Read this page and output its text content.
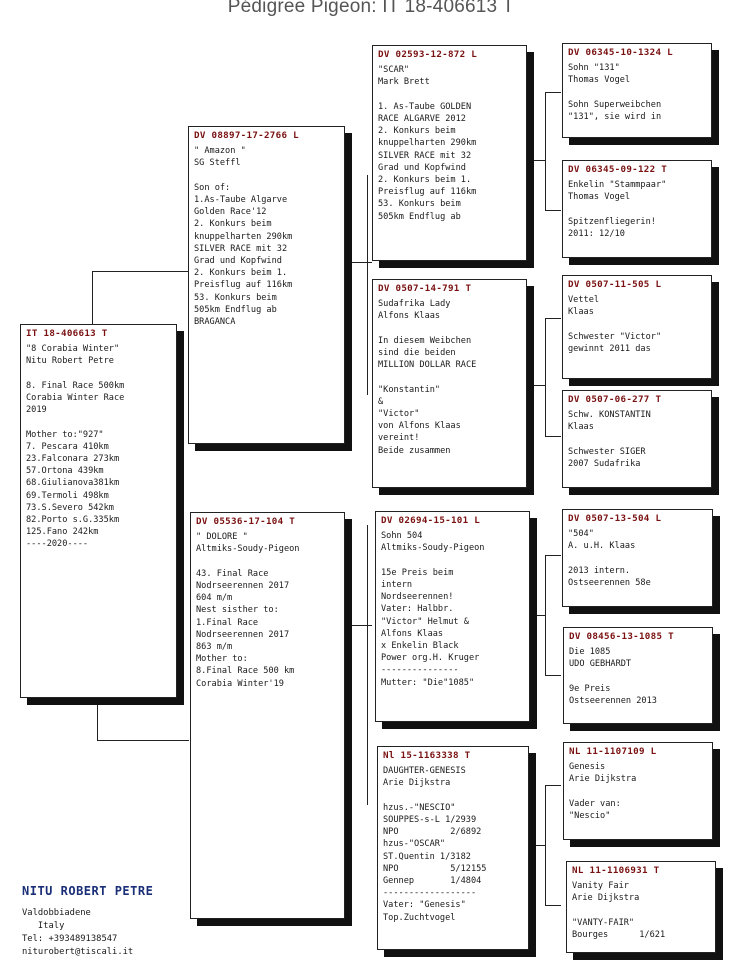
Pédigree Pigeon: IT 18-406613 T
IT 18-406613 T
"8 Corabia Winter"
Nitu Robert Petre
8. Final Race 500km
Corabia Winter Race
2019
Mother to:"927"
7. Pescara 410km
23.Falconara 273km
57.Ortona 439km
68.Giulianova381km
69.Termoli 498km
73.S.Severo 542km
82.Porto s.G.335km
125.Fano 242km
----2020----
DV 08897-17-2766 L
" Amazon "
SG Steffl
Son of:
1.As-Taube Algarve
Golden Race'12
2. Konkurs beim
knuppelharten 290km
SILVER RACE mit 32
Grad und Kopfwind
2. Konkurs beim 1.
Preisflug auf 116km
53. Konkurs beim
505km Endflug ab
BRAGANCA
DV 05536-17-104 T
" DOLORE "
Altmiks-Soudy-Pigeon
43. Final Race
Nodrseerennen 2017
604 m/m
Nest sisther to:
1.Final Race
Nodrseerennen 2017
863 m/m
Mother to:
8.Final Race 500 km
Corabia Winter'19
DV 02593-12-872 L
"SCAR"
Mark Brett
1. As-Taube GOLDEN
RACE ALGARVE 2012
2. Konkurs beim
knuppelharten 290km
SILVER RACE mit 32
Grad und Kopfwind
2. Konkurs beim 1.
Preisflug auf 116km
53. Konkurs beim
505km Endflug ab
DV 0507-14-791 T
Sudafrika Lady
Alfons Klaas
In diesem Weibchen
sind die beiden
MILLION DOLLAR RACE
"Konstantin"
&
"Victor"
von Alfons Klaas
vereint!
Beide zusammen
DV 02694-15-101 L
Sohn 504
Altmiks-Soudy-Pigeon
15e Preis beim
intern
Nordseerennen!
Vater: Halbbr.
"Victor" Helmut &
Alfons Klaas
x Enkelin Black
Power org.H. Kruger
---------------
Mutter: "Die"1085"
Nl 15-1163338 T
DAUGHTER-GENESIS
Arie Dijkstra
hzus.-"NESCIO"
SOUPPES-s-L 1/2939
NPO          2/6892
hzus-"OSCAR"
ST.Quentin 1/3182
NPO          5/12155
Gennep       1/4804
------------------
Vater: "Genesis"
Top.Zuchtvogel
DV 06345-10-1324 L
Sohn "131"
Thomas Vogel
Sohn Superweibchen
"131", sie wird in
DV 06345-09-122 T
Enkelin "Stammpaar"
Thomas Vogel
Spitzenfliegerin!
2011: 12/10
DV 0507-11-505 L
Vettel
Klaas
Schwester "Victor"
gewinnt 2011 das
DV 0507-06-277 T
Schw. KONSTANTIN
Klaas
Schwester SIGER
2007 Sudafrika
DV 0507-13-504 L
"504"
A. u.H. Klaas
2013 intern.
Ostseerennen 58e
DV 08456-13-1085 T
Die 1085
UDO GEBHARDT
9e Preis
Ostseerennen 2013
NL 11-1107109 L
Genesis
Arie Dijkstra
Vader van:
"Nescio"
NL 11-1106931 T
Vanity Fair
Arie Dijkstra
"VANTY-FAIR"
Bourges      1/621
NITU ROBERT PETRE
Valdobbiadene
Italy
Tel: +393489138547
niturobert@tiscali.it
